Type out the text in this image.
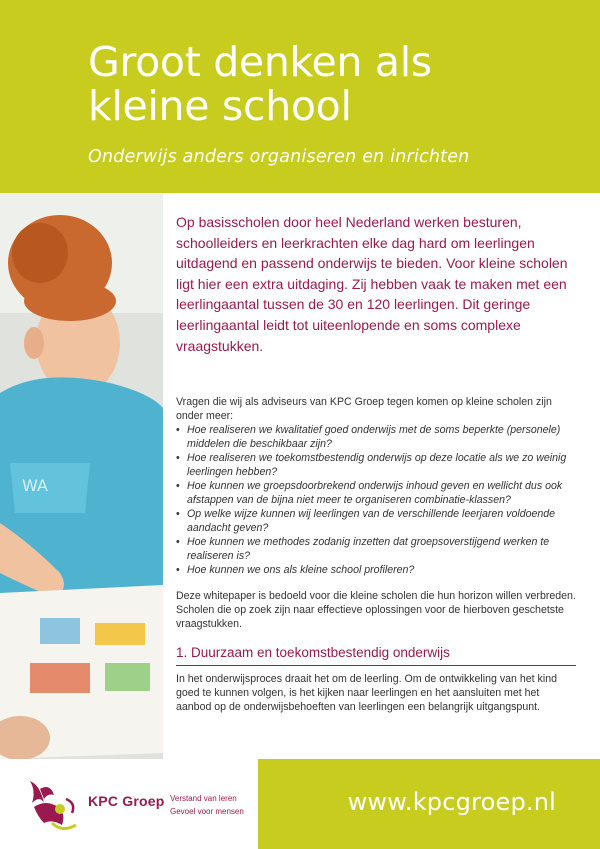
Groot denken als
kleine school
Onderwijs anders organiseren en inrichten
WA

Op basisscholen door heel Nederland werken besturen, schoolleiders en leerkrachten elke dag hard om leerlingen uitdagend en passend onderwijs te bieden. Voor kleine scholen ligt hier een extra uitdaging. Zij hebben vaak te maken met een leerlingaantal tussen de 30 en 120 leerlingen. Dit geringe leerlingaantal leidt tot uiteenlopende en soms complexe vraagstukken.

Vragen die wij als adviseurs van KPC Groep tegen komen op kleine scholen zijn onder meer:

• Hoe realiseren we kwalitatief goed onderwijs met de soms beperkte (personele) middelen die beschikbaar zijn?
• Hoe realiseren we toekomstbestendig onderwijs op deze locatie als we zo weinig leerlingen hebben?
• Hoe kunnen we groepsdoorbrekend onderwijs inhoud geven en wellicht dus ook afstappen van de bijna niet meer te organiseren combinatie-klassen?
• Op welke wijze kunnen wij leerlingen van de verschillende leerjaren voldoende aandacht geven?
• Hoe kunnen we methodes zodanig inzetten dat groepsoverstijgend werken te realiseren is?
• Hoe kunnen we ons als kleine school profileren?

Deze whitepaper is bedoeld voor die kleine scholen die hun horizon willen verbreden. Scholen die op zoek zijn naar effectieve oplossingen voor de hierboven geschetste vraagstukken.

1. Duurzaam en toekomstbestendig onderwijs

In het onderwijsproces draait het om de leerling. Om de ontwikkeling van het kind goed te kunnen volgen, is het kijken naar leerlingen en het aansluiten met het aanbod op de onderwijsbehoeften van leerlingen een belangrijk uitgangspunt.

KPC Groep Verstand van leren
Gevoel voor mensen	www.kpcgroep.nl
